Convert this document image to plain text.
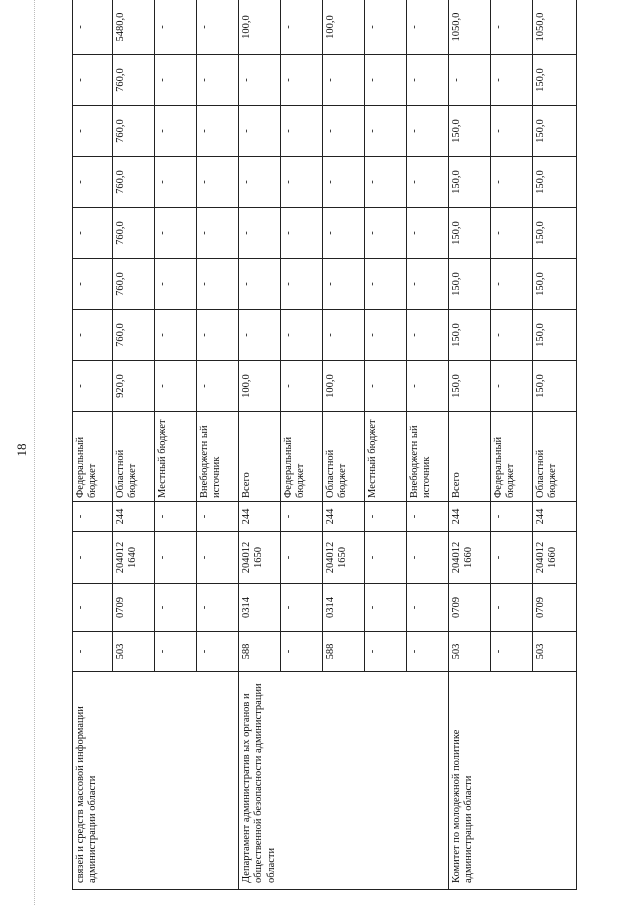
18
связей и средств массовой информации администрации области	-	-	-	-	Федеральный бюджет	-	-	-	-	-	-	-	-
	503	0709	204012 1640	244	Областной бюджет	920,0	760,0	760,0	760,0	760,0	760,0	760,0	5480,0
	-	-	-	-	Местный бюджет	-	-	-	-	-	-	-	-
	-	-	-	-	Внебюджетн ый источник	-	-	-	-	-	-	-	-
Департамент административ ых органов и общественной безопасности администрации области	588	0314	204012 1650	244	Всего	100,0	-	-	-	-	-	-	100,0
	-	-	-	-	Федеральный бюджет	-	-	-	-	-	-	-	-
	588	0314	204012 1650	244	Областной бюджет	100,0	-	-	-	-	-	-	100,0
	-	-	-	-	Местный бюджет	-	-	-	-	-	-	-	-
	-	-	-	-	Внебюджетн ый источник	-	-	-	-	-	-	-	-
Комитет по молодежной политике администрации области	503	0709	204012 1660	244	Всего	150,0	150,0	150,0	150,0	150,0	150,0	-	1050,0
	-	-	-	-	Федеральный бюджет	-	-	-	-	-	-	-	-
	503	0709	204012 1660	244	Областной бюджет	150,0	150,0	150,0	150,0	150,0	150,0	150,0	1050,0
